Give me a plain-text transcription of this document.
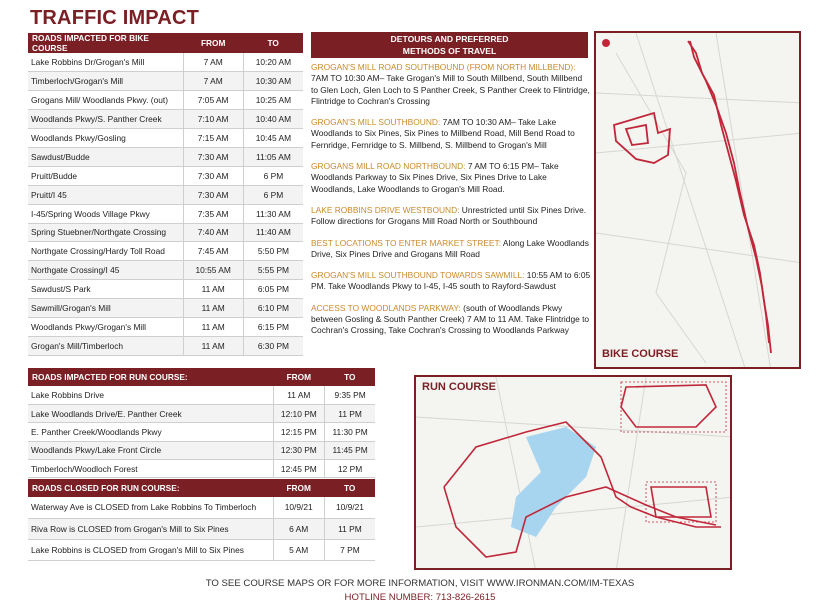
TRAFFIC IMPACT
ROADS IMPACTED FOR BIKE COURSE	FROM	TO
Lake Robbins Dr/Grogan's Mill	7 AM	10:20 AM
Timberloch/Grogan's Mill	7 AM	10:30 AM
Grogans Mill/ Woodlands Pkwy. (out)	7:05 AM	10:25 AM
Woodlands Pkwy/S. Panther Creek	7:10 AM	10:40 AM
Woodlands Pkwy/Gosling	7:15 AM	10:45 AM
Sawdust/Budde	7:30 AM	11:05 AM
Pruitt/Budde	7:30 AM	6 PM
Pruitt/I 45	7:30 AM	6 PM
I-45/Spring Woods Village Pkwy	7:35 AM	11:30 AM
Spring Stuebner/Northgate Crossing	7:40 AM	11:40 AM
Northgate Crossing/Hardy Toll Road	7:45 AM	5:50 PM
Northgate Crossing/I 45	10:55 AM	5:55 PM
Sawdust/S Park	11 AM	6:05 PM
Sawmill/Grogan's Mill	11 AM	6:10 PM
Woodlands Pkwy/Grogan's Mill	11 AM	6:15 PM
Grogan's Mill/Timberloch	11 AM	6:30 PM
DETOURS AND PREFERRED
METHODS OF TRAVEL
GROGAN'S MILL ROAD SOUTHBOUND (FROM NORTH MILLBEND): 7AM TO 10:30 AM– Take Grogan's Mill to South Millbend, South Millbend to Glen Loch, Glen Loch to S Panther Creek, S Panther Creek to Flintridge, Flintridge to Cochran's Crossing
GROGAN'S MILL SOUTHBOUND: 7AM TO 10:30 AM– Take Lake Woodlands to Six Pines, Six Pines to Millbend Road, Mill Bend Road to Fernridge, Fernridge to S. Millbend, S. Millbend to Grogan's Mill
GROGANS MILL ROAD NORTHBOUND: 7 AM TO 6:15 PM– Take Woodlands Parkway to Six Pines Drive, Six Pines Drive to Lake Woodlands, Lake Woodlands to Grogan's Mill Road.
LAKE ROBBINS DRIVE WESTBOUND: Unrestricted until Six Pines Drive. Follow directions for Grogans Mill Road North or Southbound
BEST LOCATIONS TO ENTER MARKET STREET: Along Lake Woodlands Drive, Six Pines Drive and Grogans Mill Road
GROGAN'S MILL SOUTHBOUND TOWARDS SAWMILL: 10:55 AM to 6:05 PM. Take Woodlands Pkwy to I-45, I-45 south to Rayford-Sawdust
ACCESS TO WOODLANDS PARKWAY: (south of Woodlands Pkwy between Gosling & South Panther Creek) 7 AM to 11 AM. Take Flintridge to Cochran's Crossing, Take Cochran's Crossing to Woodlands Parkway
BIKE COURSE
ROADS IMPACTED FOR RUN COURSE:	FROM	TO
Lake Robbins Drive	11 AM	9:35 PM
Lake Woodlands Drive/E. Panther Creek	12:10 PM	11 PM
E. Panther Creek/Woodlands Pkwy	12:15 PM	11:30 PM
Woodlands Pkwy/Lake Front Circle	12:30 PM	11:45 PM
Timberloch/Woodloch Forest	12:45 PM	12 PM
ROADS CLOSED FOR RUN COURSE:	FROM	TO
Waterway Ave is CLOSED from Lake Robbins To Timberloch	10/9/21	10/9/21
Riva Row is CLOSED from Grogan's Mill to Six Pines	6 AM	11 PM
Lake Robbins is CLOSED from Grogan's Mill to Six Pines	5 AM	7 PM
RUN COURSE
TO SEE COURSE MAPS OR FOR MORE INFORMATION, VISIT WWW.IRONMAN.COM/IM-TEXAS
HOTLINE NUMBER: 713-826-2615
